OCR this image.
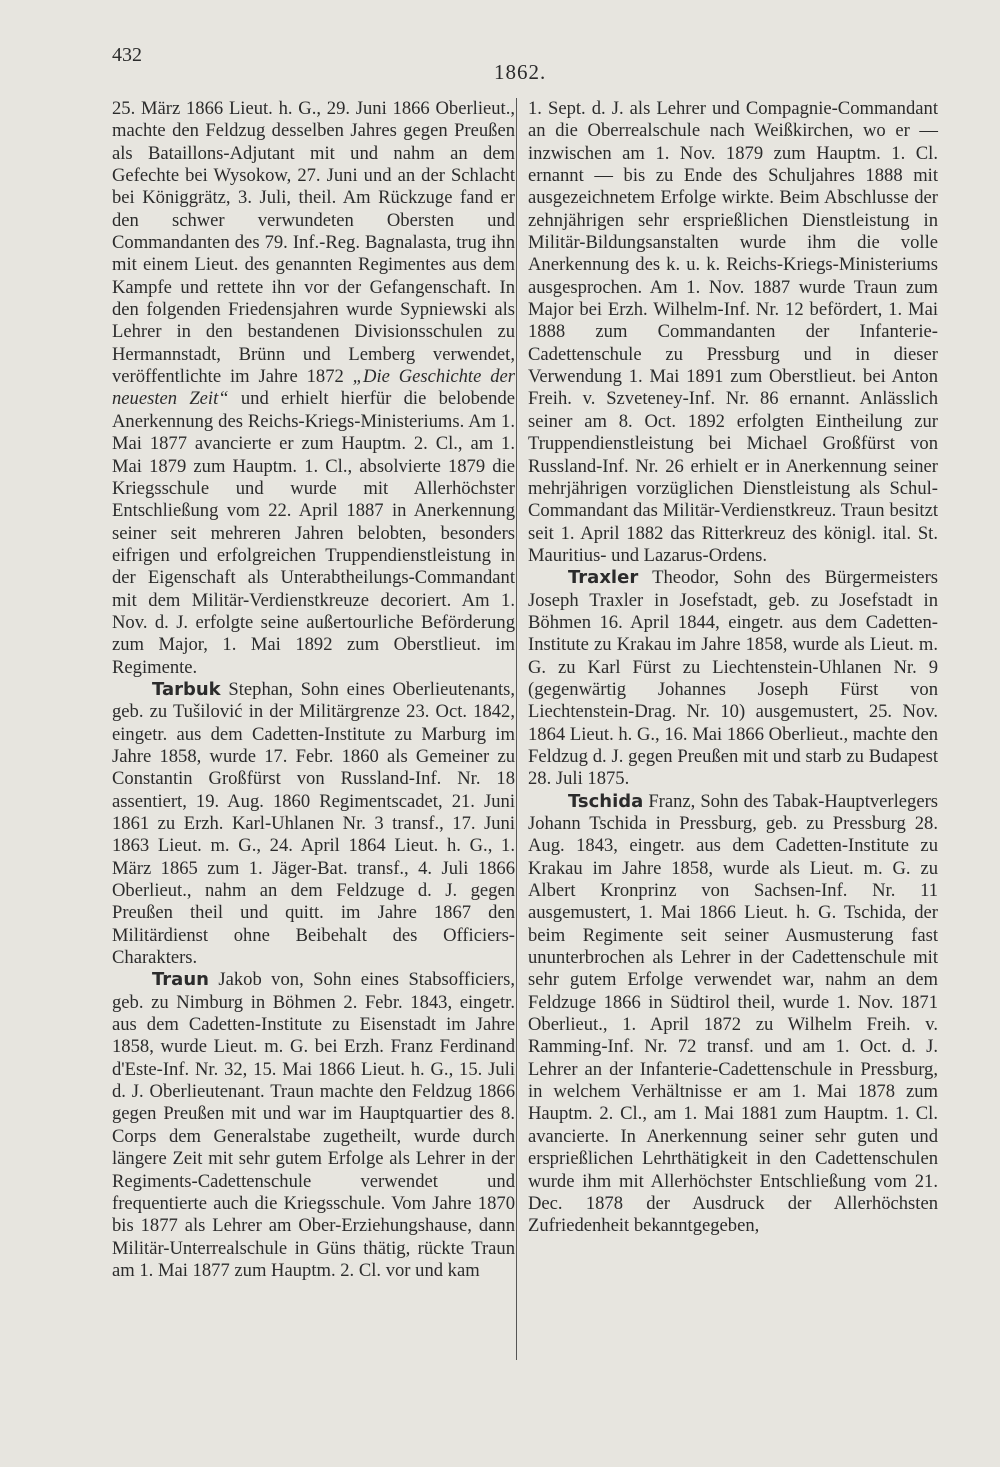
432
1862.

25. März 1866 Lieut. h. G., 29. Juni 1866 Oberlieut., machte den Feldzug desselben Jahres gegen Preußen als Bataillons-Adjutant mit und nahm an dem Gefechte bei Wysokow, 27. Juni und an der Schlacht bei Königgrätz, 3. Juli, theil. Am Rückzuge fand er den schwer verwundeten Obersten und Commandanten des 79. Inf.-Reg. Bagnalasta, trug ihn mit einem Lieut. des genannten Regimentes aus dem Kampfe und rettete ihn vor der Gefangenschaft. In den folgenden Friedensjahren wurde Sypniewski als Lehrer in den bestandenen Divisionsschulen zu Hermannstadt, Brünn und Lemberg verwendet, veröffentlichte im Jahre 1872 „Die Geschichte der neuesten Zeit“ und erhielt hierfür die belobende Anerkennung des Reichs-Kriegs-Ministeriums. Am 1. Mai 1877 avancierte er zum Hauptm. 2. Cl., am 1. Mai 1879 zum Hauptm. 1. Cl., absolvierte 1879 die Kriegsschule und wurde mit Allerhöchster Entschließung vom 22. April 1887 in Anerkennung seiner seit mehreren Jahren belobten, besonders eifrigen und erfolgreichen Truppendienstleistung in der Eigenschaft als Unterabtheilungs-Commandant mit dem Militär-Verdienstkreuze decoriert. Am 1. Nov. d. J. erfolgte seine außertourliche Beförderung zum Major, 1. Mai 1892 zum Oberstlieut. im Regimente.

Tarbuk Stephan, Sohn eines Oberlieutenants, geb. zu Tušilović in der Militärgrenze 23. Oct. 1842, eingetr. aus dem Cadetten-Institute zu Marburg im Jahre 1858, wurde 17. Febr. 1860 als Gemeiner zu Constantin Großfürst von Russland-Inf. Nr. 18 assentiert, 19. Aug. 1860 Regimentscadet, 21. Juni 1861 zu Erzh. Karl-Uhlanen Nr. 3 transf., 17. Juni 1863 Lieut. m. G., 24. April 1864 Lieut. h. G., 1. März 1865 zum 1. Jäger-Bat. transf., 4. Juli 1866 Oberlieut., nahm an dem Feldzuge d. J. gegen Preußen theil und quitt. im Jahre 1867 den Militärdienst ohne Beibehalt des Officiers-Charakters.

Traun Jakob von, Sohn eines Stabsofficiers, geb. zu Nimburg in Böhmen 2. Febr. 1843, eingetr. aus dem Cadetten-Institute zu Eisenstadt im Jahre 1858, wurde Lieut. m. G. bei Erzh. Franz Ferdinand d'Este-Inf. Nr. 32, 15. Mai 1866 Lieut. h. G., 15. Juli d. J. Oberlieutenant. Traun machte den Feldzug 1866 gegen Preußen mit und war im Hauptquartier des 8. Corps dem Generalstabe zugetheilt, wurde durch längere Zeit mit sehr gutem Erfolge als Lehrer in der Regiments-Cadettenschule verwendet und frequentierte auch die Kriegsschule. Vom Jahre 1870 bis 1877 als Lehrer am Ober-Erziehungshause, dann Militär-Unterrealschule in Güns thätig, rückte Traun am 1. Mai 1877 zum Hauptm. 2. Cl. vor und kam

1. Sept. d. J. als Lehrer und Compagnie-Commandant an die Oberrealschule nach Weißkirchen, wo er — inzwischen am 1. Nov. 1879 zum Hauptm. 1. Cl. ernannt — bis zu Ende des Schuljahres 1888 mit ausgezeichnetem Erfolge wirkte. Beim Abschlusse der zehnjährigen sehr ersprießlichen Dienstleistung in Militär-Bildungsanstalten wurde ihm die volle Anerkennung des k. u. k. Reichs-Kriegs-Ministeriums ausgesprochen. Am 1. Nov. 1887 wurde Traun zum Major bei Erzh. Wilhelm-Inf. Nr. 12 befördert, 1. Mai 1888 zum Commandanten der Infanterie-Cadettenschule zu Pressburg und in dieser Verwendung 1. Mai 1891 zum Oberstlieut. bei Anton Freih. v. Szveteney-Inf. Nr. 86 ernannt. Anlässlich seiner am 8. Oct. 1892 erfolgten Eintheilung zur Truppendienstleistung bei Michael Großfürst von Russland-Inf. Nr. 26 erhielt er in Anerkennung seiner mehrjährigen vorzüglichen Dienstleistung als Schul-Commandant das Militär-Verdienstkreuz. Traun besitzt seit 1. April 1882 das Ritterkreuz des königl. ital. St. Mauritius- und Lazarus-Ordens.

Traxler Theodor, Sohn des Bürgermeisters Joseph Traxler in Josefstadt, geb. zu Josefstadt in Böhmen 16. April 1844, eingetr. aus dem Cadetten-Institute zu Krakau im Jahre 1858, wurde als Lieut. m. G. zu Karl Fürst zu Liechtenstein-Uhlanen Nr. 9 (gegenwärtig Johannes Joseph Fürst von Liechtenstein-Drag. Nr. 10) ausgemustert, 25. Nov. 1864 Lieut. h. G., 16. Mai 1866 Oberlieut., machte den Feldzug d. J. gegen Preußen mit und starb zu Budapest 28. Juli 1875.

Tschida Franz, Sohn des Tabak-Hauptverlegers Johann Tschida in Pressburg, geb. zu Pressburg 28. Aug. 1843, eingetr. aus dem Cadetten-Institute zu Krakau im Jahre 1858, wurde als Lieut. m. G. zu Albert Kronprinz von Sachsen-Inf. Nr. 11 ausgemustert, 1. Mai 1866 Lieut. h. G. Tschida, der beim Regimente seit seiner Ausmusterung fast ununterbrochen als Lehrer in der Cadettenschule mit sehr gutem Erfolge verwendet war, nahm an dem Feldzuge 1866 in Südtirol theil, wurde 1. Nov. 1871 Oberlieut., 1. April 1872 zu Wilhelm Freih. v. Ramming-Inf. Nr. 72 transf. und am 1. Oct. d. J. Lehrer an der Infanterie-Cadettenschule in Pressburg, in welchem Verhältnisse er am 1. Mai 1878 zum Hauptm. 2. Cl., am 1. Mai 1881 zum Hauptm. 1. Cl. avancierte. In Anerkennung seiner sehr guten und ersprießlichen Lehrthätigkeit in den Cadettenschulen wurde ihm mit Allerhöchster Entschließung vom 21. Dec. 1878 der Ausdruck der Allerhöchsten Zufriedenheit bekanntgegeben,
